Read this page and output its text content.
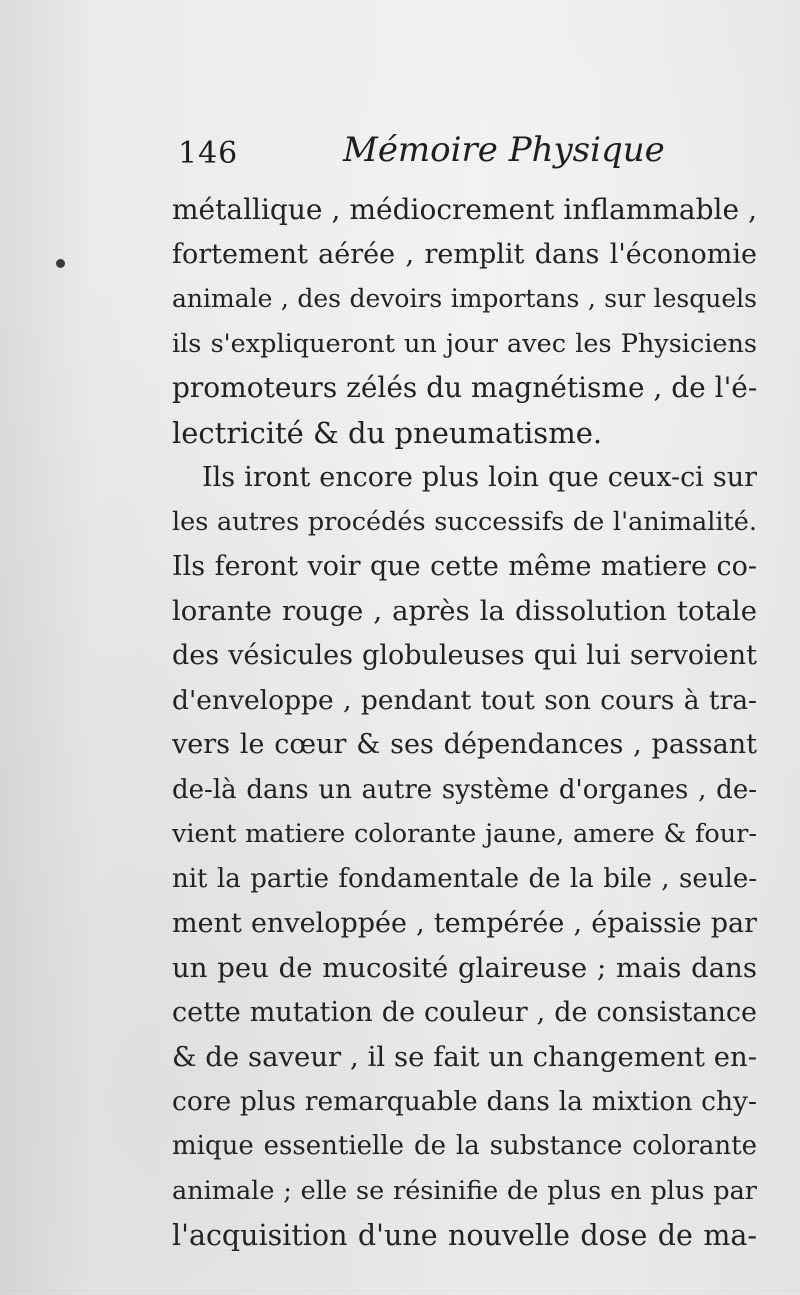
146	Mémoire Physique
métallique , médiocrement inflammable ,
fortement aérée , remplit dans l'économie
animale , des devoirs importans , sur lesquels
ils s'expliqueront un jour avec les Physiciens
promoteurs zélés du magnétisme , de l'é-
lectricité & du pneumatisme.
Ils iront encore plus loin que ceux-ci sur
les autres procédés successifs de l'animalité.
Ils feront voir que cette même matiere co-
lorante rouge , après la dissolution totale
des vésicules globuleuses qui lui servoient
d'enveloppe , pendant tout son cours à tra-
vers le cœur & ses dépendances , passant
de-là dans un autre système d'organes , de-
vient matiere colorante jaune, amere & four-
nit la partie fondamentale de la bile , seule-
ment enveloppée , tempérée , épaissie par
un peu de mucosité glaireuse ; mais dans
cette mutation de couleur , de consistance
& de saveur , il se fait un changement en-
core plus remarquable dans la mixtion chy-
mique essentielle de la substance colorante
animale ; elle se résinifie de plus en plus par
l'acquisition d'une nouvelle dose de ma-
